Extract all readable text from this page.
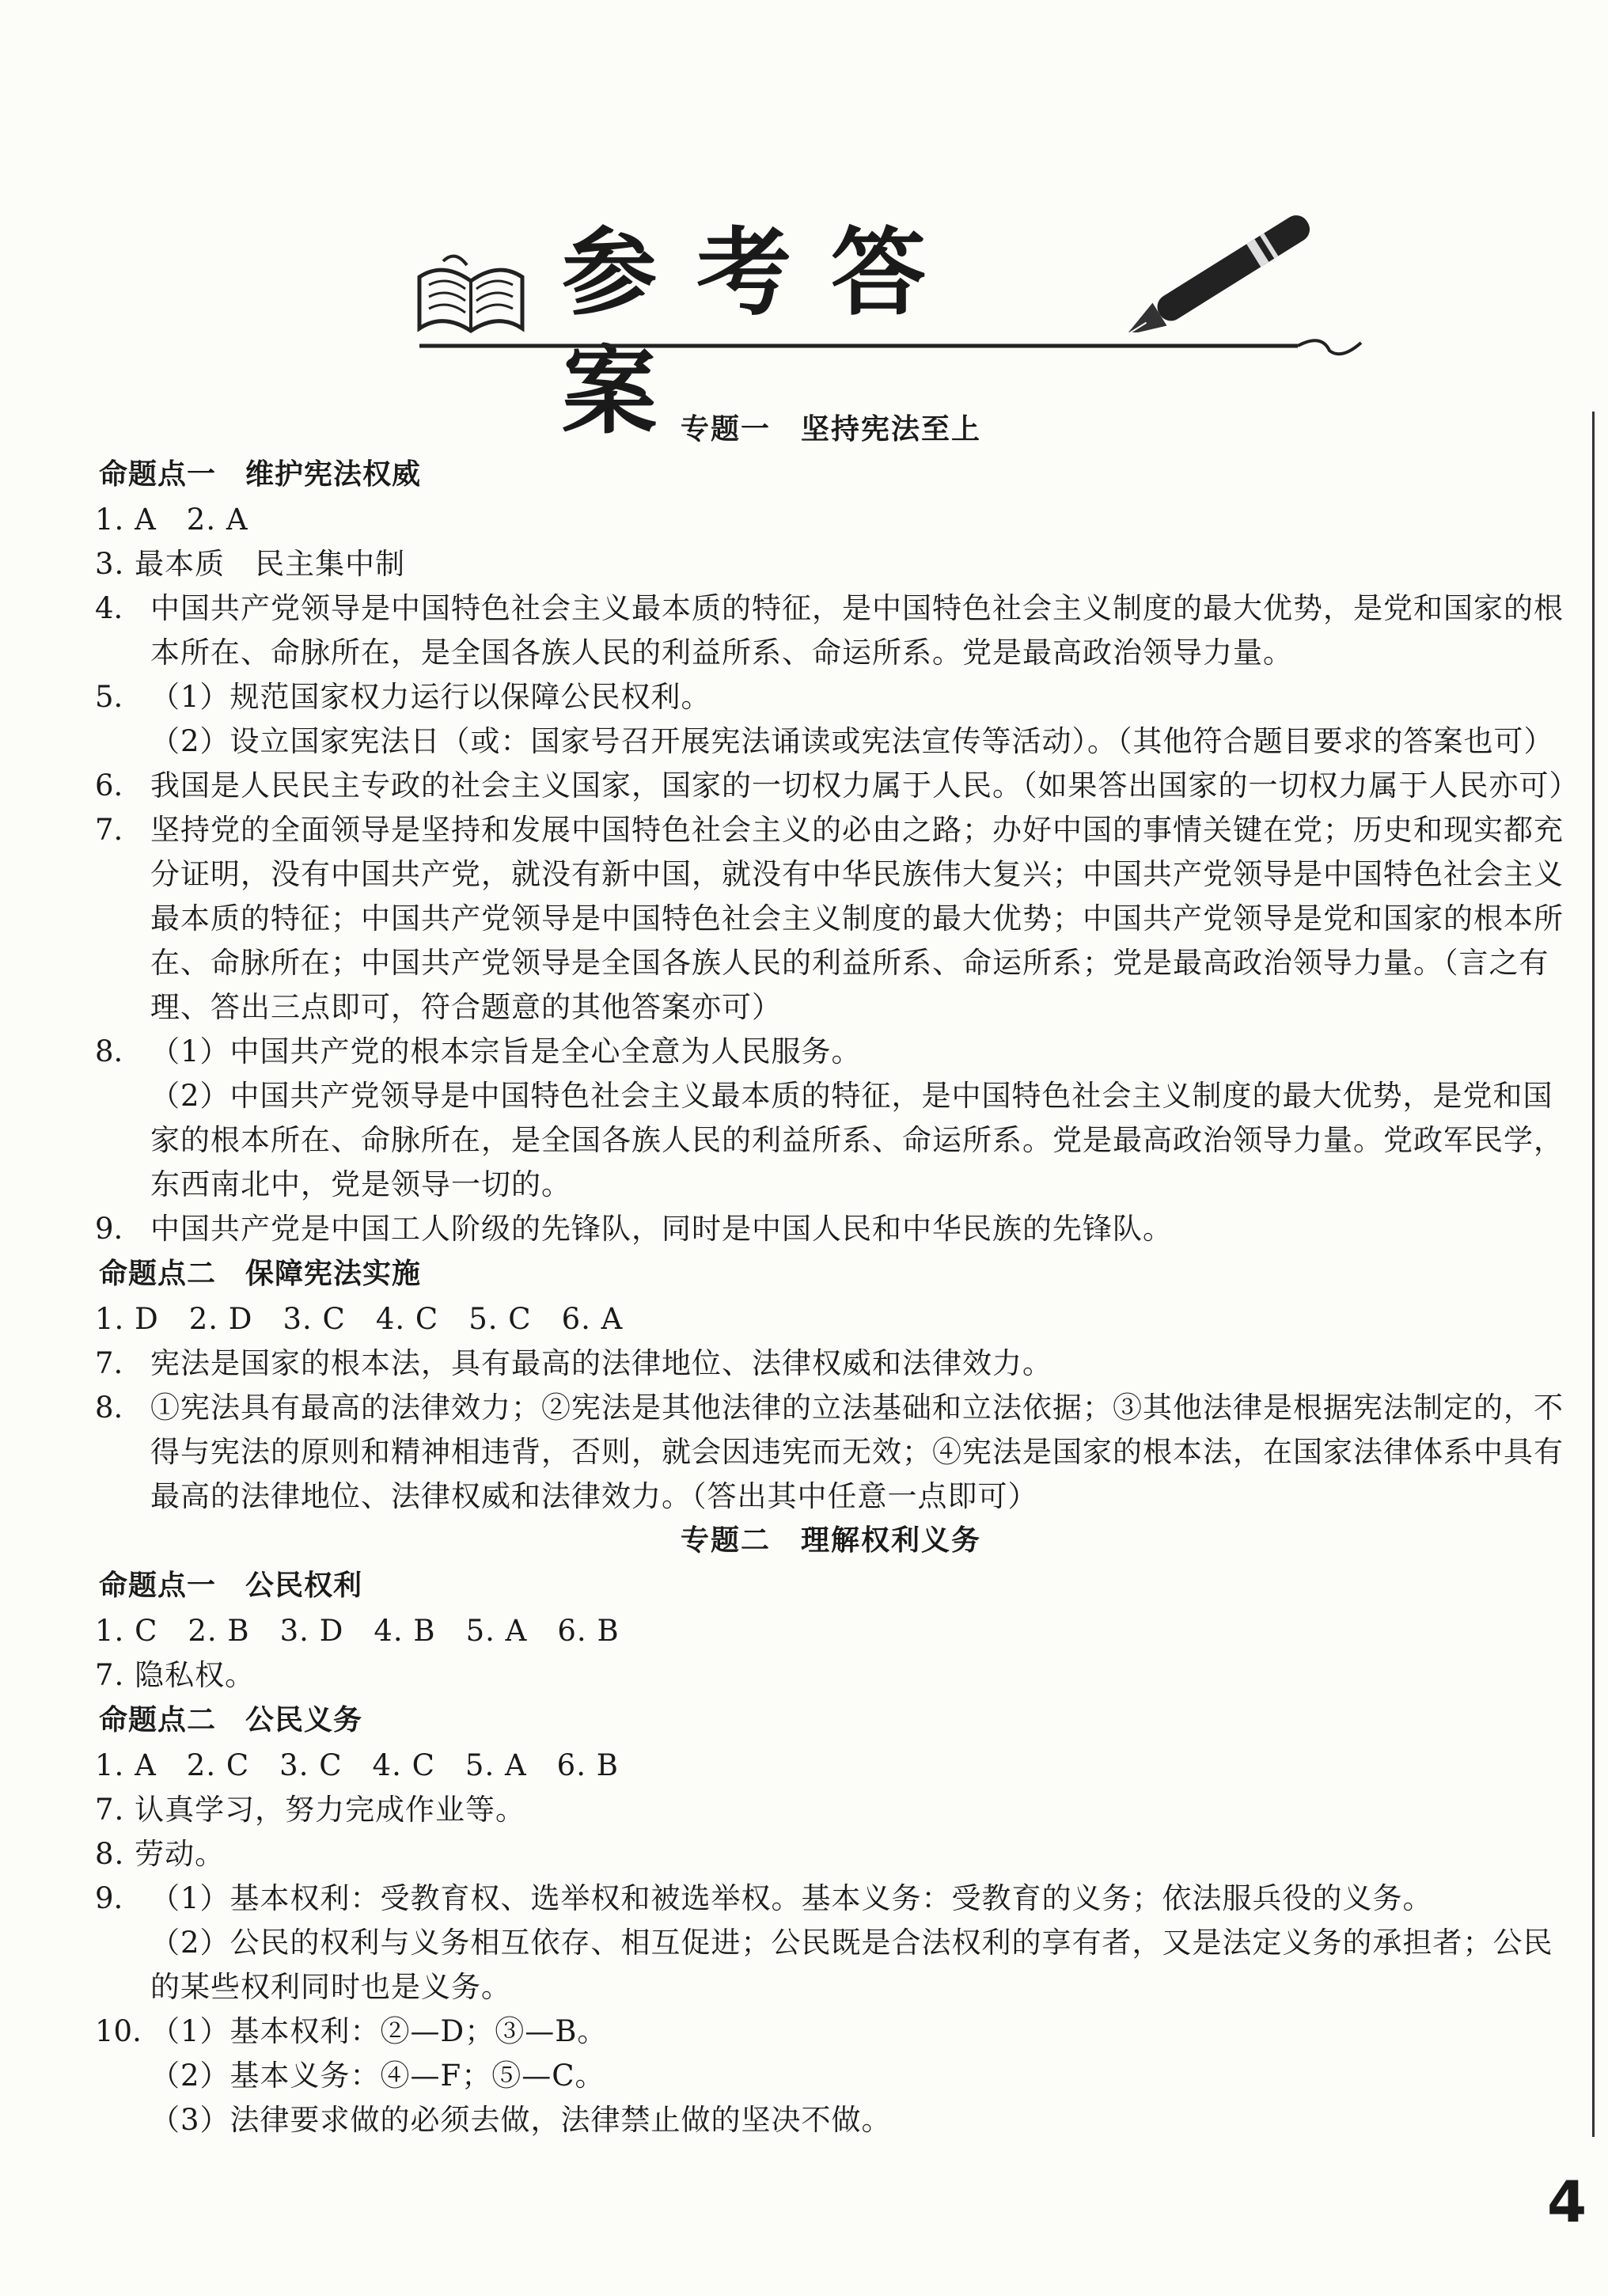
参考答案
专题一　坚持宪法至上
命题点一　维护宪法权威
1. A　2. A
3. 最本质　民主集中制
4. 中国共产党领导是中国特色社会主义最本质的特征，是中国特色社会主义制度的最大优势，是党和国家的根本所在、命脉所在，是全国各族人民的利益所系、命运所系。党是最高政治领导力量。
5. （1）规范国家权力运行以保障公民权利。
（2）设立国家宪法日（或：国家号召开展宪法诵读或宪法宣传等活动）。（其他符合题目要求的答案也可）
6. 我国是人民民主专政的社会主义国家，国家的一切权力属于人民。（如果答出国家的一切权力属于人民亦可）
7. 坚持党的全面领导是坚持和发展中国特色社会主义的必由之路；办好中国的事情关键在党；历史和现实都充分证明，没有中国共产党，就没有新中国，就没有中华民族伟大复兴；中国共产党领导是中国特色社会主义最本质的特征；中国共产党领导是中国特色社会主义制度的最大优势；中国共产党领导是党和国家的根本所在、命脉所在；中国共产党领导是全国各族人民的利益所系、命运所系；党是最高政治领导力量。（言之有理、答出三点即可，符合题意的其他答案亦可）
8. （1）中国共产党的根本宗旨是全心全意为人民服务。
（2）中国共产党领导是中国特色社会主义最本质的特征，是中国特色社会主义制度的最大优势，是党和国家的根本所在、命脉所在，是全国各族人民的利益所系、命运所系。党是最高政治领导力量。党政军民学，东西南北中，党是领导一切的。
9. 中国共产党是中国工人阶级的先锋队，同时是中国人民和中华民族的先锋队。
命题点二　保障宪法实施
1. D　2. D　3. C　4. C　5. C　6. A
7. 宪法是国家的根本法，具有最高的法律地位、法律权威和法律效力。
8. ①宪法具有最高的法律效力；②宪法是其他法律的立法基础和立法依据；③其他法律是根据宪法制定的，不得与宪法的原则和精神相违背，否则，就会因违宪而无效；④宪法是国家的根本法，在国家法律体系中具有最高的法律地位、法律权威和法律效力。（答出其中任意一点即可）
专题二　理解权利义务
命题点一　公民权利
1. C　2. B　3. D　4. B　5. A　6. B
7. 隐私权。
命题点二　公民义务
1. A　2. C　3. C　4. C　5. A　6. B
7. 认真学习，努力完成作业等。
8. 劳动。
9. （1）基本权利：受教育权、选举权和被选举权。基本义务：受教育的义务；依法服兵役的义务。
（2）公民的权利与义务相互依存、相互促进；公民既是合法权利的享有者，又是法定义务的承担者；公民的某些权利同时也是义务。
10. （1）基本权利：②—D；③—B。
（2）基本义务：④—F；⑤—C。
（3）法律要求做的必须去做，法律禁止做的坚决不做。
4
